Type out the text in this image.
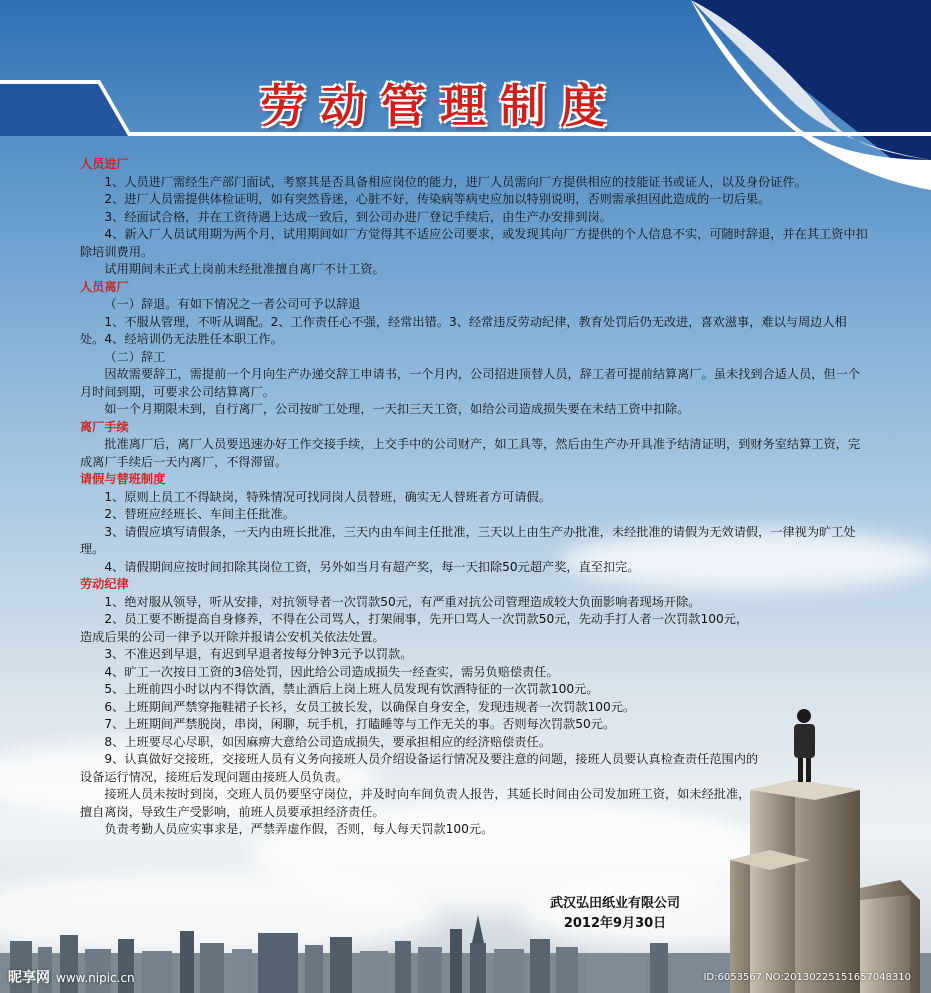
劳动管理制度
人员进厂

1、人员进厂需经生产部门面试，考察其是否具备相应岗位的能力，进厂人员需向厂方提供相应的技能证书或证人，以及身份证件。

2、进厂人员需提供体检证明，如有突然昏迷，心脏不好，传染病等病史应加以特别说明，否则需承担因此造成的一切后果。

3、经面试合格，并在工资待遇上达成一致后，到公司办进厂登记手续后，由生产办安排到岗。

4、新入厂人员试用期为两个月，试用期间如厂方觉得其不适应公司要求，或发现其向厂方提供的个人信息不实，可随时辞退，并在其工资中扣除培训费用。

试用期间未正式上岗前未经批准擅自离厂不计工资。

人员离厂

（一）辞退。有如下情况之一者公司可予以辞退

1、不服从管理，不听从调配。2、工作责任心不强，经常出错。3、经常违反劳动纪律，教育处罚后仍无改进，喜欢滋事，难以与周边人相处。4、经培训仍无法胜任本职工作。

（二）辞工

因故需要辞工，需提前一个月向生产办递交辞工申请书，一个月内，公司招进顶替人员，辞工者可提前结算离厂。虽未找到合适人员，但一个月时间到期，可要求公司结算离厂。

如一个月期限未到，自行离厂，公司按旷工处理，一天扣三天工资，如给公司造成损失要在未结工资中扣除。

离厂手续

批准离厂后，离厂人员要迅速办好工作交接手续，上交手中的公司财产，如工具等，然后由生产办开具准予结清证明，到财务室结算工资，完成离厂手续后一天内离厂，不得滞留。

请假与替班制度

1、原则上员工不得缺岗，特殊情况可找同岗人员替班，确实无人替班者方可请假。

2、替班应经班长、车间主任批准。

3、请假应填写请假条，一天内由班长批准，三天内由车间主任批准，三天以上由生产办批准，未经批准的请假为无效请假，一律视为旷工处理。

4、请假期间应按时间扣除其岗位工资，另外如当月有超产奖，每一天扣除50元超产奖，直至扣完。

劳动纪律

1、绝对服从领导，听从安排，对抗领导者一次罚款50元，有严重对抗公司管理造成较大负面影响者现场开除。

2、员工要不断提高自身修养，不得在公司骂人，打架闹事，先开口骂人一次罚款50元，先动手打人者一次罚款100元，造成后果的公司一律予以开除并报请公安机关依法处置。

3、不准迟到早退，有迟到早退者按每分钟3元予以罚款。

4、旷工一次按日工资的3倍处罚，因此给公司造成损失一经查实，需另负赔偿责任。

5、上班前四小时以内不得饮酒，禁止酒后上岗上班人员发现有饮酒特征的一次罚款100元。

6、上班期间严禁穿拖鞋裙子长衫，女员工披长发，以确保自身安全，发现违规者一次罚款100元。

7、上班期间严禁脱岗，串岗，闲聊，玩手机，打瞌睡等与工作无关的事。否则每次罚款50元。

8、上班要尽心尽职，如因麻痹大意给公司造成损失，要承担相应的经济赔偿责任。

9、认真做好交接班，交接班人员有义务向接班人员介绍设备运行情况及要注意的问题，接班人员要认真检查责任范围内的设备运行情况，接班后发现问题由接班人员负责。

接班人员未按时到岗，交班人员仍要坚守岗位，并及时向车间负责人报告，其延长时间由公司发加班工资，如未经批准，擅自离岗，导致生产受影响，前班人员要承担经济责任。

负责考勤人员应实事求是，严禁弄虚作假，否则，每人每天罚款100元。

武汉弘田纸业有限公司
2012年9月30日
昵享网 www.nipic.cn	ID:6053567 NO:20130225151657048310
